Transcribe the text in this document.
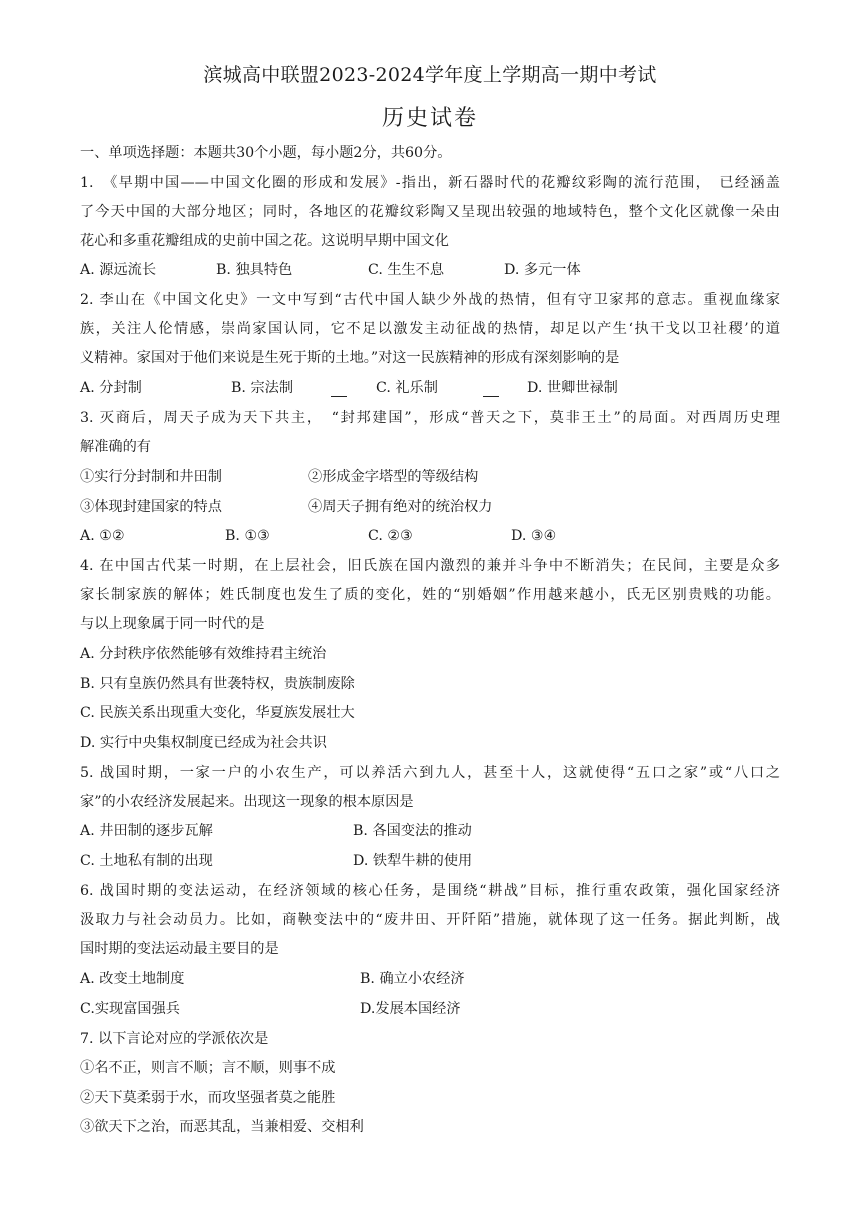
滨城高中联盟2023-2024学年度上学期高一期中考试
历史试卷
一、单项选择题：本题共30个小题，每小题2分，共60分。
1.　《早期中国——中国文化圈的形成和发展》-指出，新石器时代的花瓣纹彩陶的流行范围，　已经涵盖
了今天中国的大部分地区；同时，各地区的花瓣纹彩陶又呈现出较强的地域特色，整个文化区就像一朵由
花心和多重花瓣组成的史前中国之花。这说明早期中国文化
A. 源远流长	B. 独具特色	C. 生生不息	D. 多元一体
2. 李山在《中国文化史》一文中写到“古代中国人缺少外战的热情，但有守卫家邦的意志。重视血缘家
族，关注人伦情感，崇尚家国认同，它不足以激发主动征战的热情，却足以产生‘执干戈以卫社稷’的道
义精神。家国对于他们来说是生死于斯的土地。”对这一民族精神的形成有深刻影响的是
A. 分封制	B. 宗法制	C. 礼乐制	D. 世卿世禄制
3. 灭商后，周天子成为天下共主，　“封邦建国”，形成“普天之下，莫非王土”的局面。对西周历史理
解准确的有
①实行分封制和井田制	②形成金字塔型的等级结构
③体现封建国家的特点	④周天子拥有绝对的统治权力
A. ①②	B. ①③	C. ②③	D. ③④
4. 在中国古代某一时期，在上层社会，旧氏族在国内激烈的兼并斗争中不断消失；在民间，主要是众多
家长制家族的解体；姓氏制度也发生了质的变化，姓的“别婚姻”作用越来越小，氏无区别贵贱的功能。
与以上现象属于同一时代的是
A. 分封秩序依然能够有效维持君主统治
B. 只有皇族仍然具有世袭特权，贵族制废除
C. 民族关系出现重大变化，华夏族发展壮大
D. 实行中央集权制度已经成为社会共识
5. 战国时期，一家一户的小农生产，可以养活六到九人，甚至十人，这就使得“五口之家”或“八口之
家”的小农经济发展起来。出现这一现象的根本原因是
A. 井田制的逐步瓦解	B. 各国变法的推动
C. 土地私有制的出现	D. 铁犁牛耕的使用
6. 战国时期的变法运动，在经济领域的核心任务，是围绕“耕战”目标，推行重农政策，强化国家经济
汲取力与社会动员力。比如，商鞅变法中的“废井田、开阡陌”措施，就体现了这一任务。据此判断，战
国时期的变法运动最主要目的是
A. 改变土地制度	B. 确立小农经济
C.实现富国强兵	D.发展本国经济
7. 以下言论对应的学派依次是
①名不正，则言不顺；言不顺，则事不成
②天下莫柔弱于水，而攻坚强者莫之能胜
③欲天下之治，而恶其乱，当兼相爱、交相利
